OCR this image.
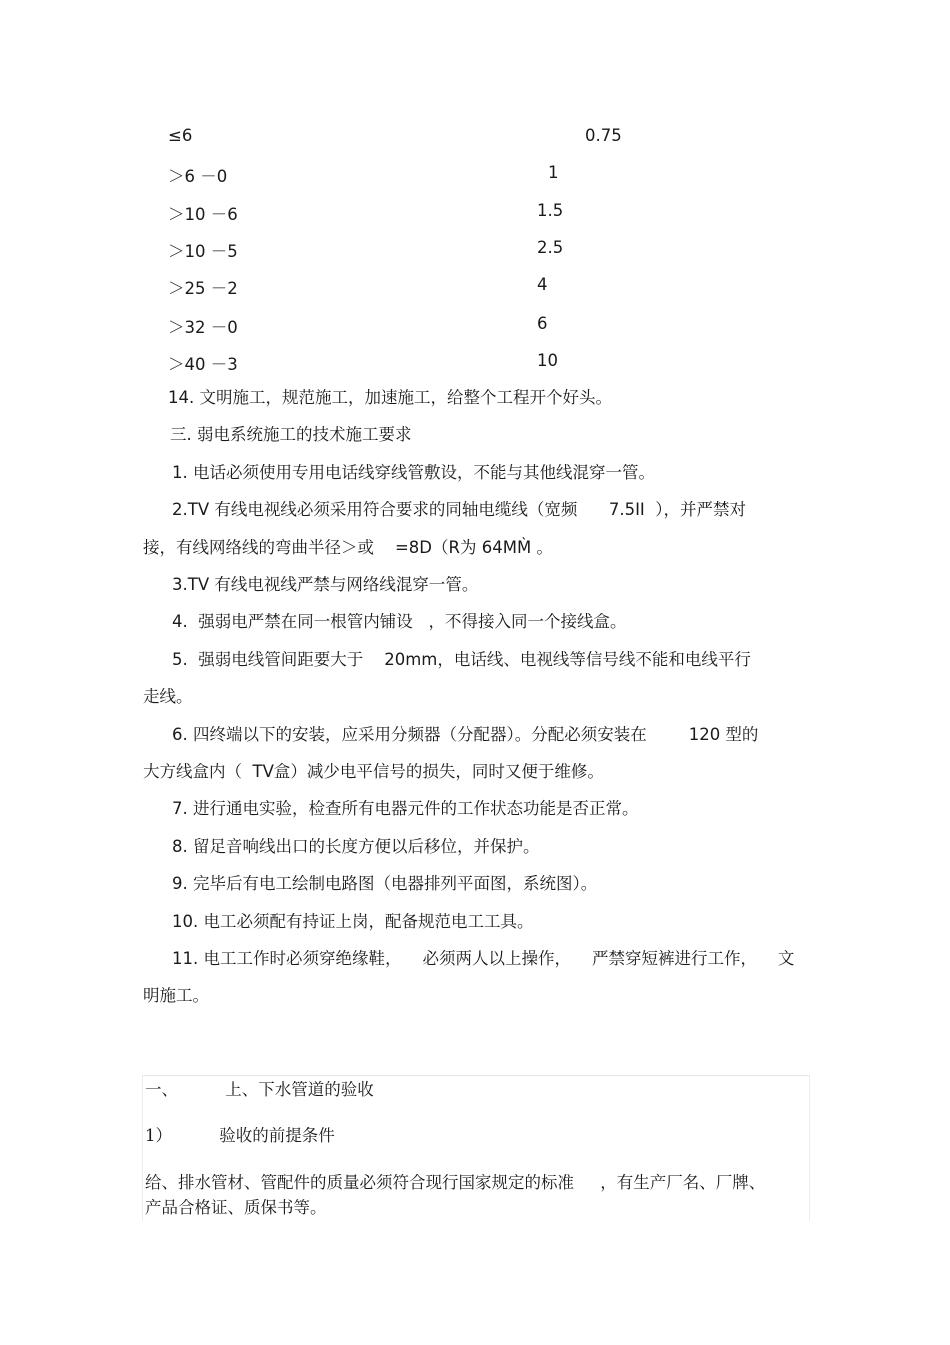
≤6	0.75
＞6 －0	1
＞10 －6	1.5
＞10 －5	2.5
＞25 －2	4
＞32 －0	6
＞40 －3	10
14. 文明施工，规范施工，加速施工，给整个工程开个好头。
三. 弱电系统施工的技术施工要求
1. 电话必须使用专用电话线穿线管敷设，不能与其他线混穿一管。
2.TV 有线电视线必须采用符合要求的同轴电缆线（宽频      7.5II  ），并严禁对
接，有线网络线的弯曲半径＞或    =8D（R为 64MM̀ 。
3.TV 有线电视线严禁与网络线混穿一管。
4.  强弱电严禁在同一根管内铺设   ，不得接入同一个接线盒。
5.  强弱电线管间距要大于    20mm，电话线、电视线等信号线不能和电线平行
走线。
6. 四终端以下的安装，应采用分频器（分配器）。分配必须安装在        120 型的
大方线盒内（  TV盒）减少电平信号的损失，同时又便于维修。
7. 进行通电实验，检查所有电器元件的工作状态功能是否正常。
8. 留足音响线出口的长度方便以后移位，并保护。
9. 完毕后有电工绘制电路图（电器排列平面图，系统图）。
10. 电工必须配有持证上岗，配备规范电工工具。
11. 电工工作时必须穿绝缘鞋，    必须两人以上操作，    严禁穿短裤进行工作，    文
明施工。
一、         上、下水管道的验收
1）         验收的前提条件
给、排水管材、管配件的质量必须符合现行国家规定的标准     ，有生产厂名、厂牌、
产品合格证、质保书等。
